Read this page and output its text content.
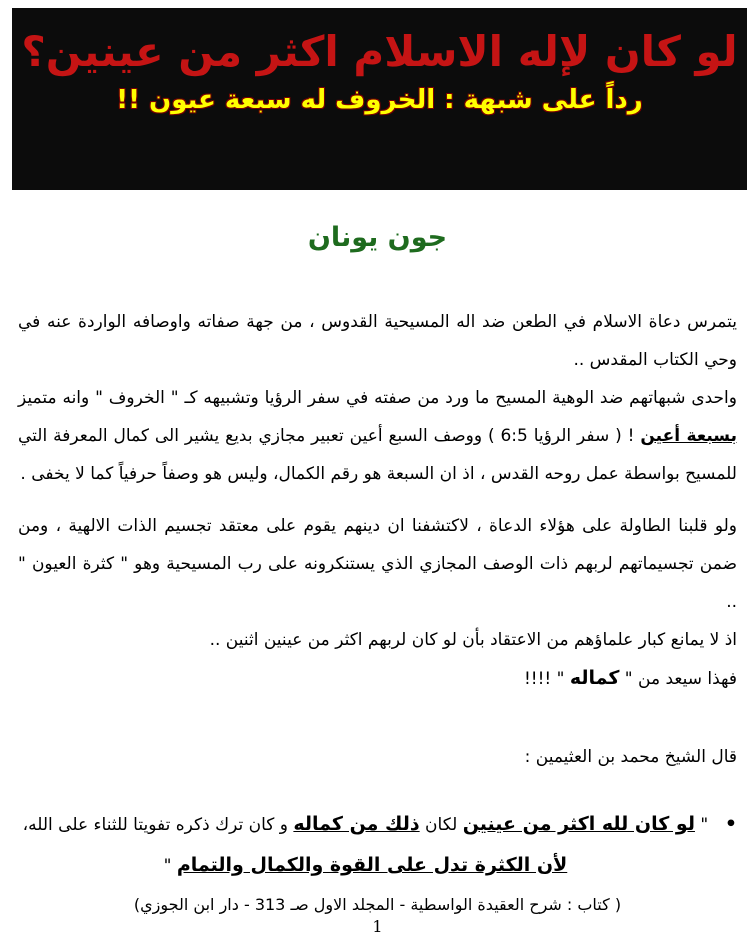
لو كان لإله الاسلام اكثر من عينين؟
رداً على شبهة : الخروف له سبعة عيون !!
جون يونان

يتمرس دعاة الاسلام في الطعن ضد اله المسيحية القدوس ، من جهة صفاته واوصافه الواردة عنه في وحي الكتاب المقدس ..

واحدى شبهاتهم ضد الوهية المسيح ما ورد من صفته في سفر الرؤيا وتشبيهه كـ " الخروف " وانه متميز بسبعة أعين ! ( سفر الرؤيا 6:5 ) ووصف السبع أعين تعبير مجازي بديع يشير الى كمال المعرفة التي للمسيح بواسطة عمل روحه القدس ، اذ ان السبعة هو رقم الكمال، وليس هو وصفاً حرفياً كما لا يخفى .

ولو قلبنا الطاولة على هؤلاء الدعاة ، لاكتشفنا ان دينهم يقوم على معتقد تجسيم الذات الالهية ، ومن ضمن تجسيماتهم لربهم ذات الوصف المجازي الذي يستنكرونه على رب المسيحية وهو " كثرة العيون " ..

اذ لا يمانع كبار علماؤهم من الاعتقاد بأن لو كان لربهم اكثر من عينين اثنين ..

فهذا سيعد من " كماله " !!!!

قال الشيخ محمد بن العثيمين :

•
" لو كان لله اكثر من عينين لكان ذلك من كماله و كان ترك ذكره تفويتا للثناء على الله، لأن الكثرة تدل على القوة والكمال والتمام "
( كتاب : شرح العقيدة الواسطية - المجلد الاول صـ 313 - دار ابن الجوزي)
1
